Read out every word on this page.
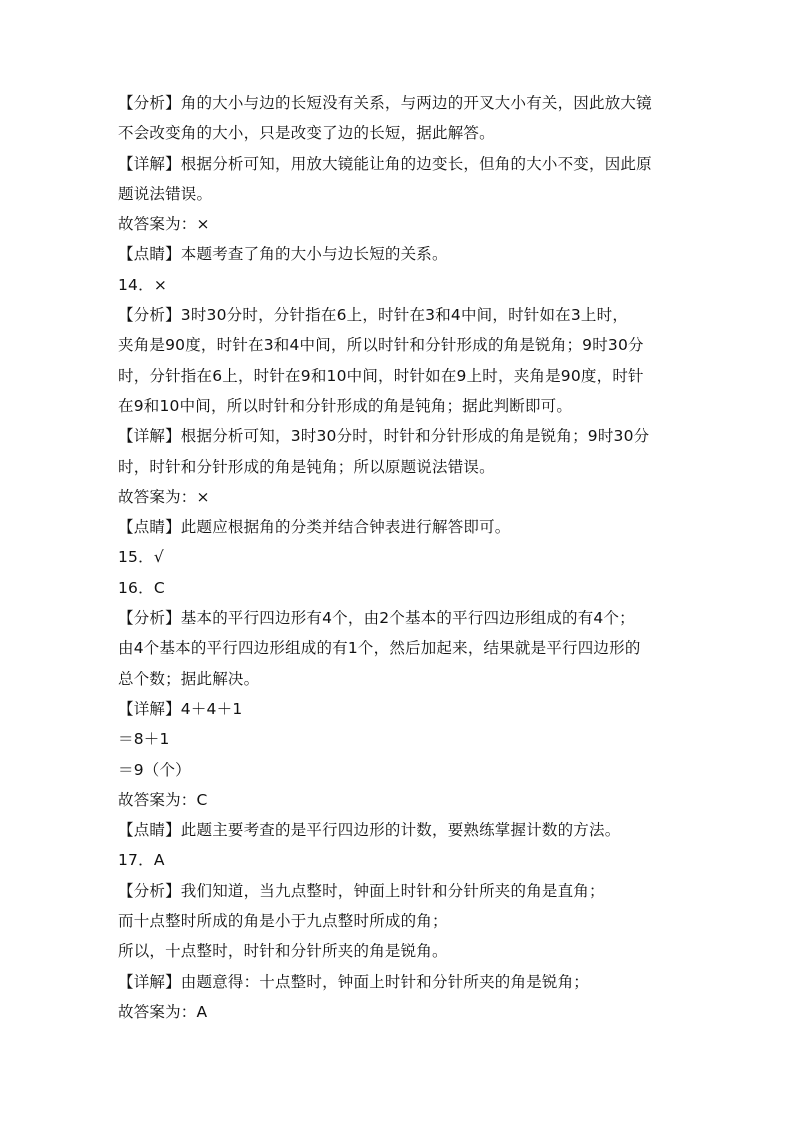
【分析】角的大小与边的长短没有关系，与两边的开叉大小有关，因此放大镜
不会改变角的大小，只是改变了边的长短，据此解答。
【详解】根据分析可知，用放大镜能让角的边变长，但角的大小不变，因此原
题说法错误。
故答案为：×
【点睛】本题考查了角的大小与边长短的关系。
14．×
【分析】3时30分时，分针指在6上，时针在3和4中间，时针如在3上时，
夹角是90度，时针在3和4中间，所以时针和分针形成的角是锐角；9时30分
时，分针指在6上，时针在9和10中间，时针如在9上时，夹角是90度，时针
在9和10中间，所以时针和分针形成的角是钝角；据此判断即可。
【详解】根据分析可知，3时30分时，时针和分针形成的角是锐角；9时30分
时，时针和分针形成的角是钝角；所以原题说法错误。
故答案为：×
【点睛】此题应根据角的分类并结合钟表进行解答即可。
15．√
16．C
【分析】基本的平行四边形有4个，由2个基本的平行四边形组成的有4个；
由4个基本的平行四边形组成的有1个，然后加起来，结果就是平行四边形的
总个数；据此解决。
【详解】4＋4＋1
＝8＋1
＝9（个）
故答案为：C
【点睛】此题主要考查的是平行四边形的计数，要熟练掌握计数的方法。
17．A
【分析】我们知道，当九点整时，钟面上时针和分针所夹的角是直角；
而十点整时所成的角是小于九点整时所成的角；
所以，十点整时，时针和分针所夹的角是锐角。
【详解】由题意得：十点整时，钟面上时针和分针所夹的角是锐角；
故答案为：A
